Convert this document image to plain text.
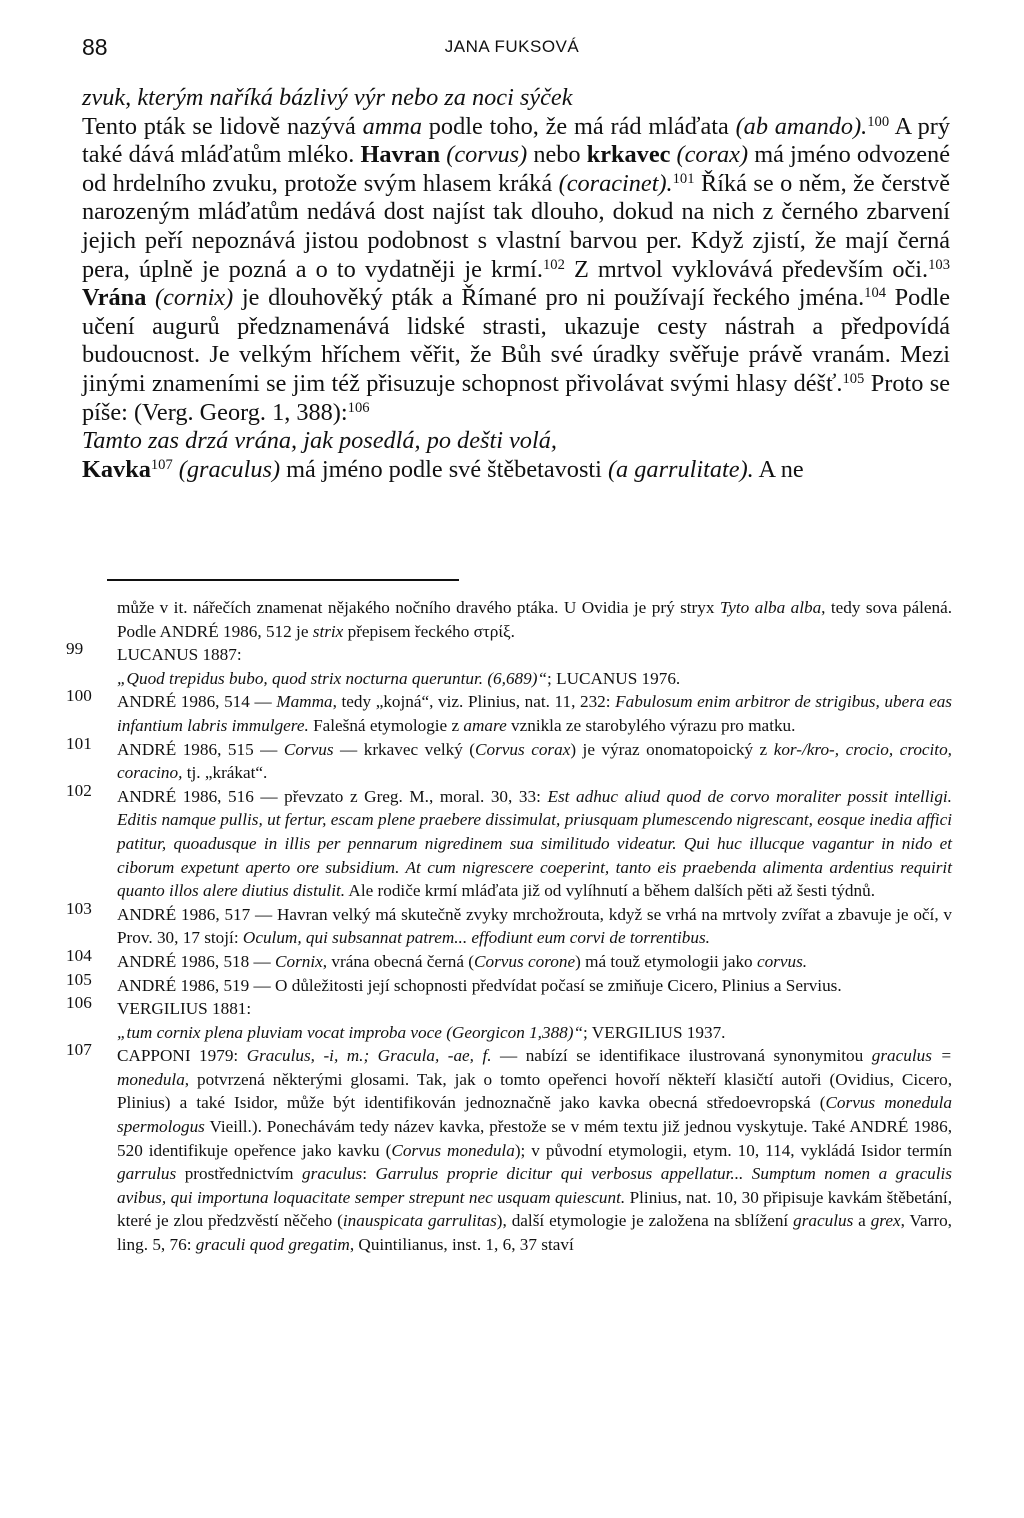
88	JANA FUKSOVÁ

zvuk, kterým naříká bázlivý výr nebo za noci sýček

Tento pták se lidově nazývá amma podle toho, že má rád mláďata (ab amando).$^{100}$ A prý také dává mláďatům mléko. Havran (corvus) nebo krkavec (corax) má jméno odvozené od hrdelního zvuku, protože svým hlasem kráká (coracinet).$^{101}$ Říká se o něm, že čerstvě narozeným mláďatům nedává dost najíst tak dlouho, dokud na nich z černého zbarvení jejich peří nepoznává jistou podobnost s vlastní barvou per. Když zjistí, že mají černá pera, úplně je pozná a o to vydatněji je krmí.$^{102}$ Z mrtvol vyklovává především oči.$^{103}$ Vrána (cornix) je dlouhověký pták a Římané pro ni používají řeckého jména.$^{104}$ Podle učení augurů předznamenává lidské strasti, ukazuje cesty nástrah a předpovídá budoucnost. Je velkým hříchem věřit, že Bůh své úradky svěřuje právě vranám. Mezi jinými znameními se jim též přisuzuje schopnost přivolávat svými hlasy déšť.$^{105}$ Proto se píše: (Verg. Georg. 1, 388):$^{106}$

Tamto zas drzá vrána, jak posedlá, po dešti volá,

Kavka$^{107}$ (graculus) má jméno podle své štěbetavosti (a garrulitate). A ne

může v it. nářečích znamenat nějakého nočního dravého ptáka. U Ovidia je prý stryx Tyto alba alba, tedy sova pálená. Podle ANDRÉ 1986, 512 je strix přepisem řeckého στρίξ.
99	LUCANUS 1887:
„Quod trepidus bubo, quod strix nocturna queruntur. (6,689)“; LUCANUS 1976.
100	ANDRÉ 1986, 514 — Mamma, tedy „kojná“, viz. Plinius, nat. 11, 232: Fabulosum enim arbitror de strigibus, ubera eas infantium labris immulgere. Falešná etymologie z amare vznikla ze starobylého výrazu pro matku.
101	ANDRÉ 1986, 515 — Corvus — krkavec velký (Corvus corax) je výraz onomatopoický z kor-/kro-, crocio, crocito, coracino, tj. „krákat“.
102	ANDRÉ 1986, 516 — převzato z Greg. M., moral. 30, 33: Est adhuc aliud quod de corvo moraliter possit intelligi. Editis namque pullis, ut fertur, escam plene praebere dissimulat, priusquam plumescendo nigrescant, eosque inedia affici patitur, quoadusque in illis per pennarum nigredinem sua similitudo videatur. Qui huc illucque vagantur in nido et ciborum expetunt aperto ore subsidium. At cum nigrescere coeperint, tanto eis praebenda alimenta ardentius requirit quanto illos alere diutius distulit. Ale rodiče krmí mláďata již od vylíhnutí a během dalších pěti až šesti týdnů.
103	ANDRÉ 1986, 517 — Havran velký má skutečně zvyky mrchožrouta, když se vrhá na mrtvoly zvířat a zbavuje je očí, v Prov. 30, 17 stojí: Oculum, qui subsannat patrem... effodiunt eum corvi de torrentibus.
104	ANDRÉ 1986, 518 — Cornix, vrána obecná černá (Corvus corone) má touž etymologii jako corvus.
105	ANDRÉ 1986, 519 — O důležitosti její schopnosti předvídat počasí se zmiňuje Cicero, Plinius a Servius.
106	VERGILIUS 1881:
„tum cornix plena pluviam vocat improba voce (Georgicon 1,388)“; VERGILIUS 1937.
107	CAPPONI 1979: Graculus, -i, m.; Gracula, -ae, f. — nabízí se identifikace ilustrovaná synonymitou graculus = monedula, potvrzená některými glosami. Tak, jak o tomto opeřenci hovoří někteří klasičtí autoři (Ovidius, Cicero, Plinius) a také Isidor, může být identifikován jednoznačně jako kavka obecná středoevropská (Corvus monedula spermologus Vieill.). Ponechávám tedy název kavka, přestože se v mém textu již jednou vyskytuje. Také ANDRÉ 1986, 520 identifikuje opeřence jako kavku (Corvus monedula); v původní etymologii, etym. 10, 114, vykládá Isidor termín garrulus prostřednictvím graculus: Garrulus proprie dicitur qui verbosus appellatur... Sumptum nomen a graculis avibus, qui importuna loquacitate semper strepunt nec usquam quiescunt. Plinius, nat. 10, 30 připisuje kavkám štěbetání, které je zlou předzvěstí něčeho (inauspicata garrulitas), další etymologie je založena na sblížení graculus a grex, Varro, ling. 5, 76: graculi quod gregatim, Quintilianus, inst. 1, 6, 37 staví
